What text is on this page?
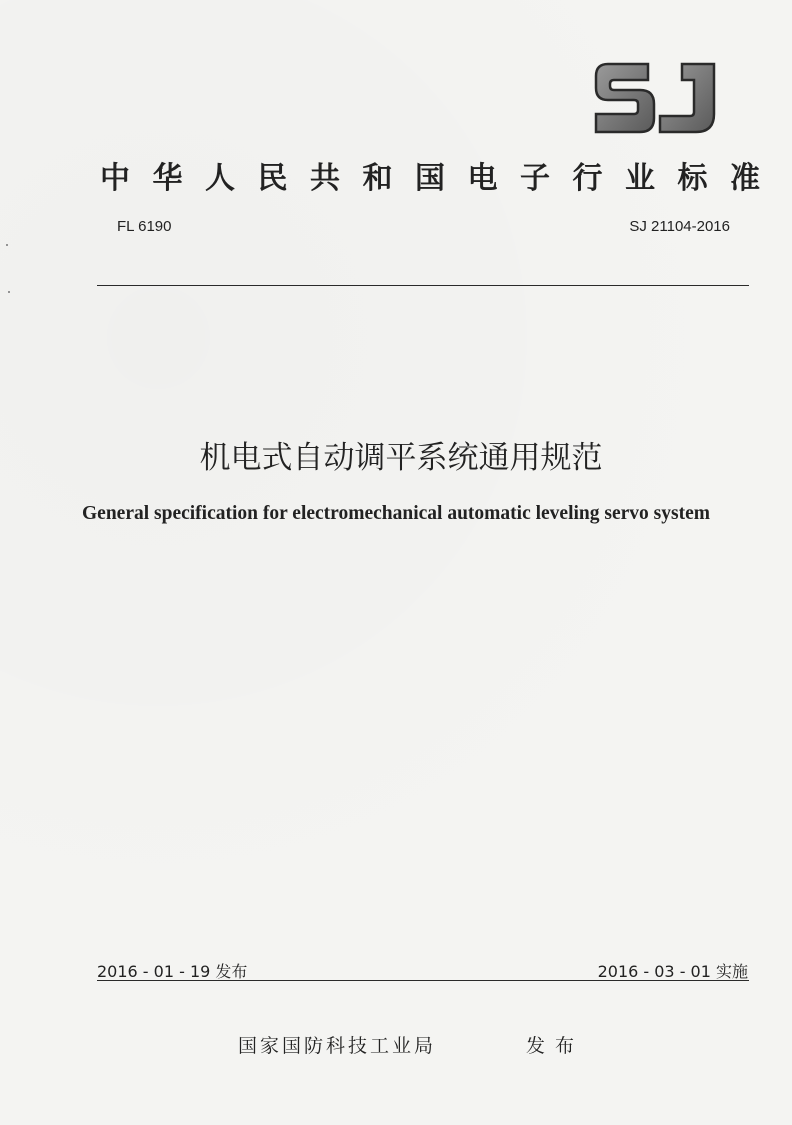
中 华 人 民 共 和 国 电 子 行 业 标 准
FL 6190	SJ 21104-2016
机电式自动调平系统通用规范
General specification for electromechanical automatic leveling servo system
2016 - 01 - 19 发布	2016 - 03 - 01 实施
国家国防科技工业局	发布
